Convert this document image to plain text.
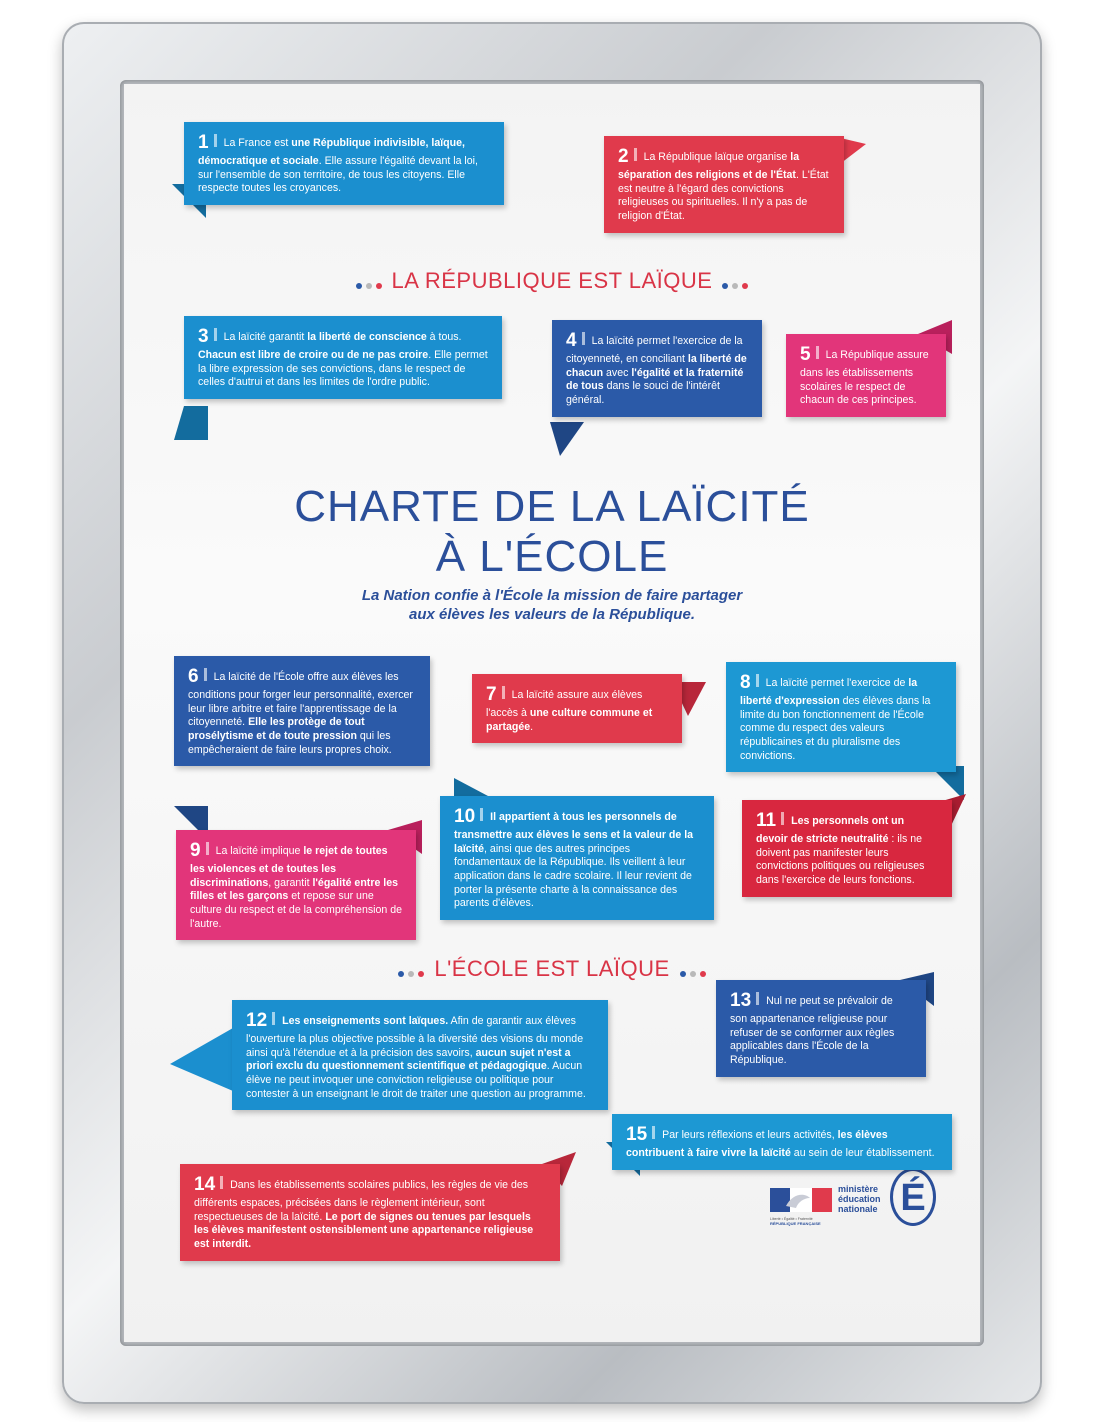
1 La France est une République indivisible, laïque, démocratique et sociale. Elle assure l'égalité devant la loi, sur l'ensemble de son territoire, de tous les citoyens. Elle respecte toutes les croyances.

2 La République laïque organise la séparation des religions et de l'État. L'État est neutre à l'égard des convictions religieuses ou spirituelles. Il n'y a pas de religion d'État.

LA RÉPUBLIQUE EST LAÏQUE

3 La laïcité garantit la liberté de conscience à tous. Chacun est libre de croire ou de ne pas croire. Elle permet la libre expression de ses convictions, dans le respect de celles d'autrui et dans les limites de l'ordre public.

4 La laïcité permet l'exercice de la citoyenneté, en conciliant la liberté de chacun avec l'égalité et la fraternité de tous dans le souci de l'intérêt général.

5 La République assure dans les établissements scolaires le respect de chacun de ces principes.

CHARTE DE LA LAÏCITÉ
À L'ÉCOLE
La Nation confie à l'École la mission de faire partager
aux élèves les valeurs de la République.

6 La laïcité de l'École offre aux élèves les conditions pour forger leur personnalité, exercer leur libre arbitre et faire l'apprentissage de la citoyenneté. Elle les protège de tout prosélytisme et de toute pression qui les empêcheraient de faire leurs propres choix.

7 La laïcité assure aux élèves l'accès à une culture commune et partagée.

8 La laïcité permet l'exercice de la liberté d'expression des élèves dans la limite du bon fonctionnement de l'École comme du respect des valeurs républicaines et du pluralisme des convictions.

10 Il appartient à tous les personnels de transmettre aux élèves le sens et la valeur de la laïcité, ainsi que des autres principes fondamentaux de la République. Ils veillent à leur application dans le cadre scolaire. Il leur revient de porter la présente charte à la connaissance des parents d'élèves.

11 Les personnels ont un devoir de stricte neutralité : ils ne doivent pas manifester leurs convictions politiques ou religieuses dans l'exercice de leurs fonctions.

9 La laïcité implique le rejet de toutes les violences et de toutes les discriminations, garantit l'égalité entre les filles et les garçons et repose sur une culture du respect et de la compréhension de l'autre.

L'ÉCOLE EST LAÏQUE

12 Les enseignements sont laïques. Afin de garantir aux élèves l'ouverture la plus objective possible à la diversité des visions du monde ainsi qu'à l'étendue et à la précision des savoirs, aucun sujet n'est a priori exclu du questionnement scientifique et pédagogique. Aucun élève ne peut invoquer une conviction religieuse ou politique pour contester à un enseignant le droit de traiter une question au programme.

13 Nul ne peut se prévaloir de son appartenance religieuse pour refuser de se conformer aux règles applicables dans l'École de la République.

15 Par leurs réflexions et leurs activités, les élèves contribuent à faire vivre la laïcité au sein de leur établissement.

14 Dans les établissements scolaires publics, les règles de vie des différents espaces, précisées dans le règlement intérieur, sont respectueuses de la laïcité. Le port de signes ou tenues par lesquels les élèves manifestent ostensiblement une appartenance religieuse est interdit.

Liberté • Égalité • Fraternité
RÉPUBLIQUE FRANÇAISE
ministère
éducation
nationale É
